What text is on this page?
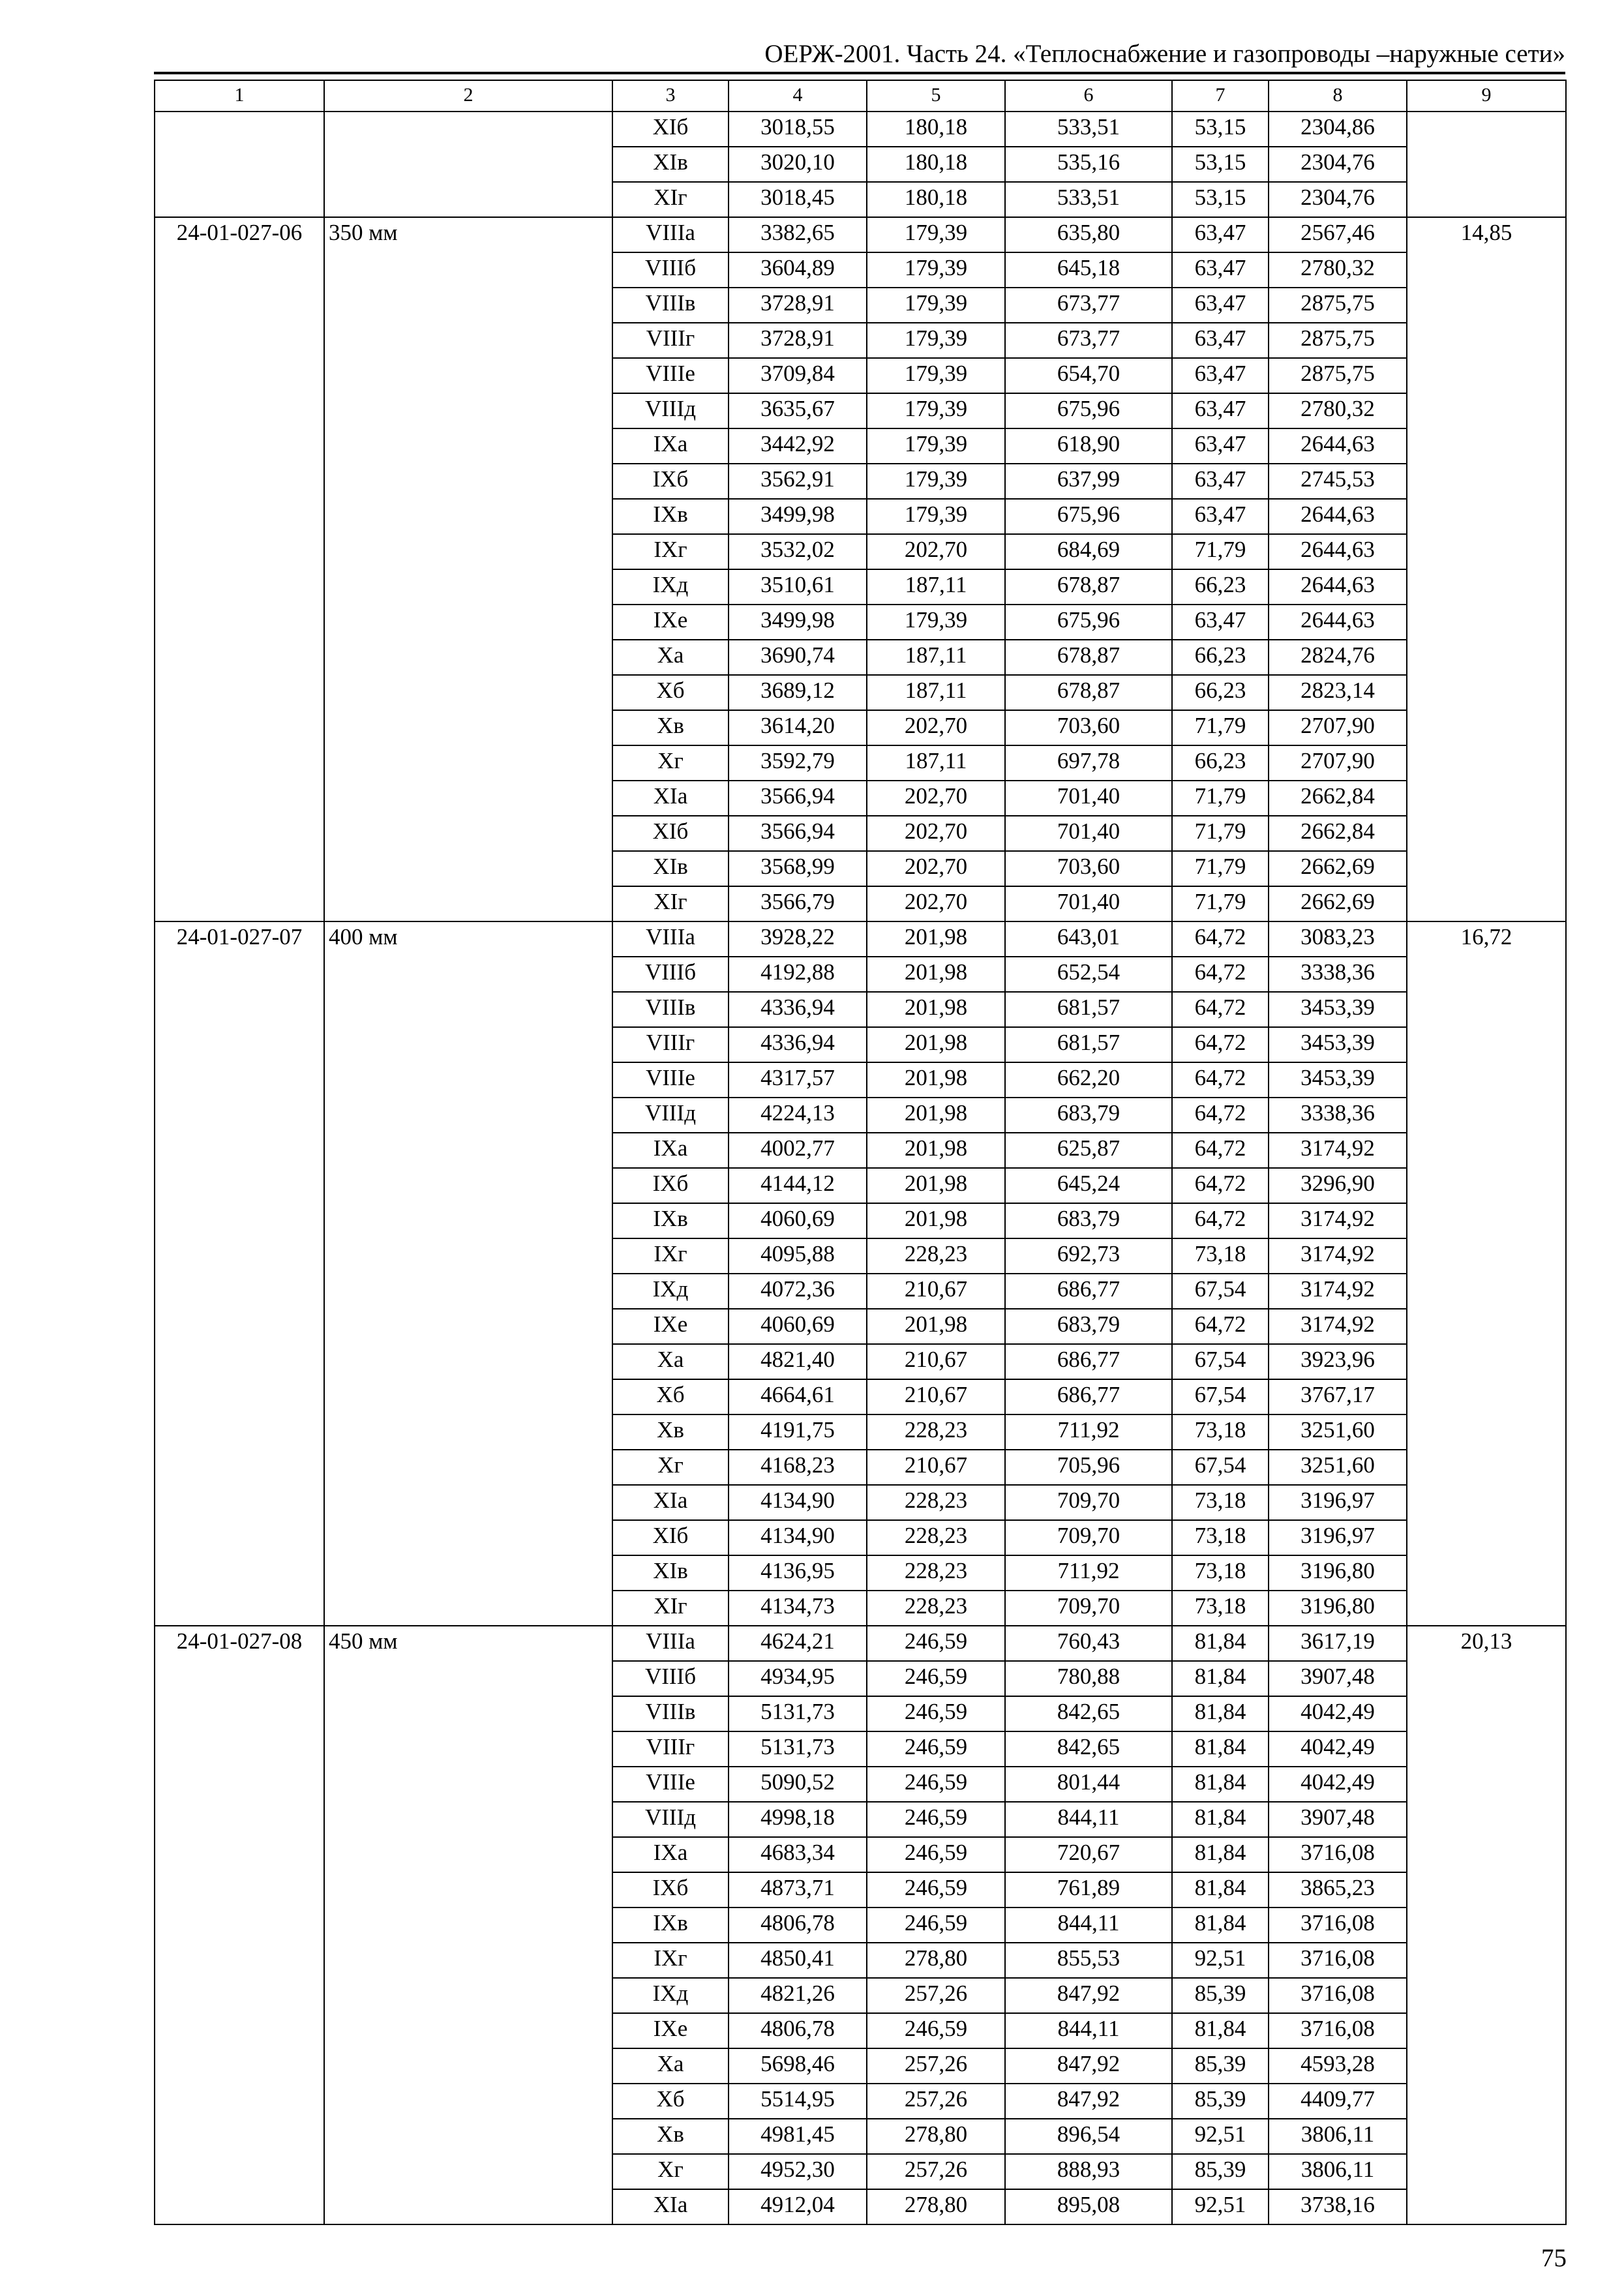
ОЕРЖ-2001. Часть 24. «Теплоснабжение и газопроводы –наружные сети»
1	2	3	4	5	6	7	8	9
		XIб	3018,55	180,18	533,51	53,15	2304,86	
		XIв	3020,10	180,18	535,16	53,15	2304,76	
		XIг	3018,45	180,18	533,51	53,15	2304,76	
24-01-027-06	350 мм	VIIIа	3382,65	179,39	635,80	63,47	2567,46	14,85
		VIIIб	3604,89	179,39	645,18	63,47	2780,32	
		VIIIв	3728,91	179,39	673,77	63,47	2875,75	
		VIIIг	3728,91	179,39	673,77	63,47	2875,75	
		VIIIе	3709,84	179,39	654,70	63,47	2875,75	
		VIIIд	3635,67	179,39	675,96	63,47	2780,32	
		IXа	3442,92	179,39	618,90	63,47	2644,63	
		IXб	3562,91	179,39	637,99	63,47	2745,53	
		IXв	3499,98	179,39	675,96	63,47	2644,63	
		IXг	3532,02	202,70	684,69	71,79	2644,63	
		IXд	3510,61	187,11	678,87	66,23	2644,63	
		IXе	3499,98	179,39	675,96	63,47	2644,63	
		Xа	3690,74	187,11	678,87	66,23	2824,76	
		Xб	3689,12	187,11	678,87	66,23	2823,14	
		Xв	3614,20	202,70	703,60	71,79	2707,90	
		Xг	3592,79	187,11	697,78	66,23	2707,90	
		XIа	3566,94	202,70	701,40	71,79	2662,84	
		XIб	3566,94	202,70	701,40	71,79	2662,84	
		XIв	3568,99	202,70	703,60	71,79	2662,69	
		XIг	3566,79	202,70	701,40	71,79	2662,69	
24-01-027-07	400 мм	VIIIа	3928,22	201,98	643,01	64,72	3083,23	16,72
		VIIIб	4192,88	201,98	652,54	64,72	3338,36	
		VIIIв	4336,94	201,98	681,57	64,72	3453,39	
		VIIIг	4336,94	201,98	681,57	64,72	3453,39	
		VIIIе	4317,57	201,98	662,20	64,72	3453,39	
		VIIIд	4224,13	201,98	683,79	64,72	3338,36	
		IXа	4002,77	201,98	625,87	64,72	3174,92	
		IXб	4144,12	201,98	645,24	64,72	3296,90	
		IXв	4060,69	201,98	683,79	64,72	3174,92	
		IXг	4095,88	228,23	692,73	73,18	3174,92	
		IXд	4072,36	210,67	686,77	67,54	3174,92	
		IXе	4060,69	201,98	683,79	64,72	3174,92	
		Xа	4821,40	210,67	686,77	67,54	3923,96	
		Xб	4664,61	210,67	686,77	67,54	3767,17	
		Xв	4191,75	228,23	711,92	73,18	3251,60	
		Xг	4168,23	210,67	705,96	67,54	3251,60	
		XIа	4134,90	228,23	709,70	73,18	3196,97	
		XIб	4134,90	228,23	709,70	73,18	3196,97	
		XIв	4136,95	228,23	711,92	73,18	3196,80	
		XIг	4134,73	228,23	709,70	73,18	3196,80	
24-01-027-08	450 мм	VIIIа	4624,21	246,59	760,43	81,84	3617,19	20,13
		VIIIб	4934,95	246,59	780,88	81,84	3907,48	
		VIIIв	5131,73	246,59	842,65	81,84	4042,49	
		VIIIг	5131,73	246,59	842,65	81,84	4042,49	
		VIIIе	5090,52	246,59	801,44	81,84	4042,49	
		VIIIд	4998,18	246,59	844,11	81,84	3907,48	
		IXа	4683,34	246,59	720,67	81,84	3716,08	
		IXб	4873,71	246,59	761,89	81,84	3865,23	
		IXв	4806,78	246,59	844,11	81,84	3716,08	
		IXг	4850,41	278,80	855,53	92,51	3716,08	
		IXд	4821,26	257,26	847,92	85,39	3716,08	
		IXе	4806,78	246,59	844,11	81,84	3716,08	
		Xа	5698,46	257,26	847,92	85,39	4593,28	
		Xб	5514,95	257,26	847,92	85,39	4409,77	
		Xв	4981,45	278,80	896,54	92,51	3806,11	
		Xг	4952,30	257,26	888,93	85,39	3806,11	
		XIа	4912,04	278,80	895,08	92,51	3738,16	
75
